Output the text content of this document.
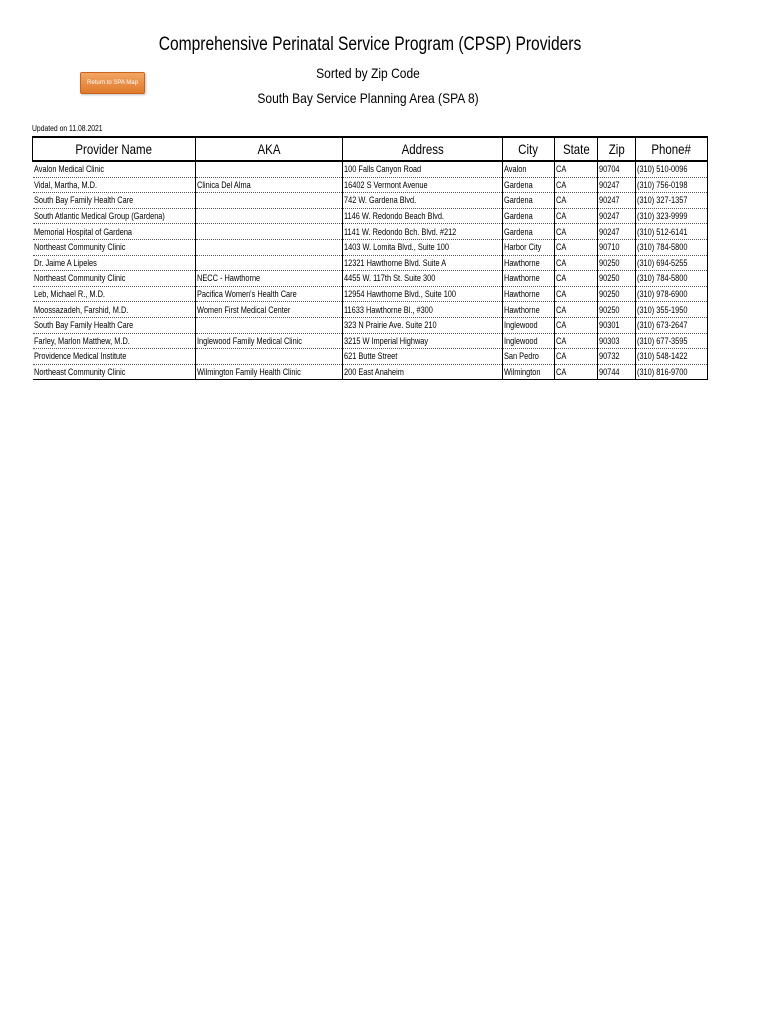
Comprehensive Perinatal Service Program (CPSP) Providers
Return to SPA Map
Sorted by Zip Code
South Bay Service Planning Area (SPA 8)
Updated on 11.08.2021
Provider Name	AKA	Address	City	State	Zip	Phone#
Avalon Medical Clinic		100 Falls Canyon Road	Avalon	CA	90704	(310) 510-0096
Vidal, Martha, M.D.	Clinica Del Alma	16402 S Vermont Avenue	Gardena	CA	90247	(310) 756-0198
South Bay Family Health Care		742 W. Gardena Blvd.	Gardena	CA	90247	(310) 327-1357
South Atlantic Medical Group (Gardena)		1146 W. Redondo Beach Blvd.	Gardena	CA	90247	(310) 323-9999
Memorial Hospital of Gardena		1141 W. Redondo Bch. Blvd. #212	Gardena	CA	90247	(310) 512-6141
Northeast Community Clinic		1403 W. Lomita Blvd., Suite 100	Harbor City	CA	90710	(310) 784-5800
Dr. Jaime A Lipeles		12321 Hawthorne Blvd. Suite A	Hawthorne	CA	90250	(310) 694-5255
Northeast Community Clinic	NECC - Hawthorne	4455 W. 117th St. Suite 300	Hawthorne	CA	90250	(310) 784-5800
Leb, Michael R., M.D.	Pacifica Women's Health Care	12954 Hawthorne Blvd., Suite 100	Hawthorne	CA	90250	(310) 978-6900
Moossazadeh, Farshid, M.D.	Women First Medical Center	11633 Hawthorne Bl., #300	Hawthorne	CA	90250	(310) 355-1950
South Bay Family Health Care		323 N Prairie Ave. Suite 210	Inglewood	CA	90301	(310) 673-2647
Farley, Marlon Matthew, M.D.	Inglewood Family Medical Clinic	3215 W Imperial Highway	Inglewood	CA	90303	(310) 677-3595
Providence Medical Institute		621 Butte Street	San Pedro	CA	90732	(310) 548-1422
Northeast Community Clinic	Wilmington Family Health Clinic	200 East Anaheim	Wilmington	CA	90744	(310) 816-9700
